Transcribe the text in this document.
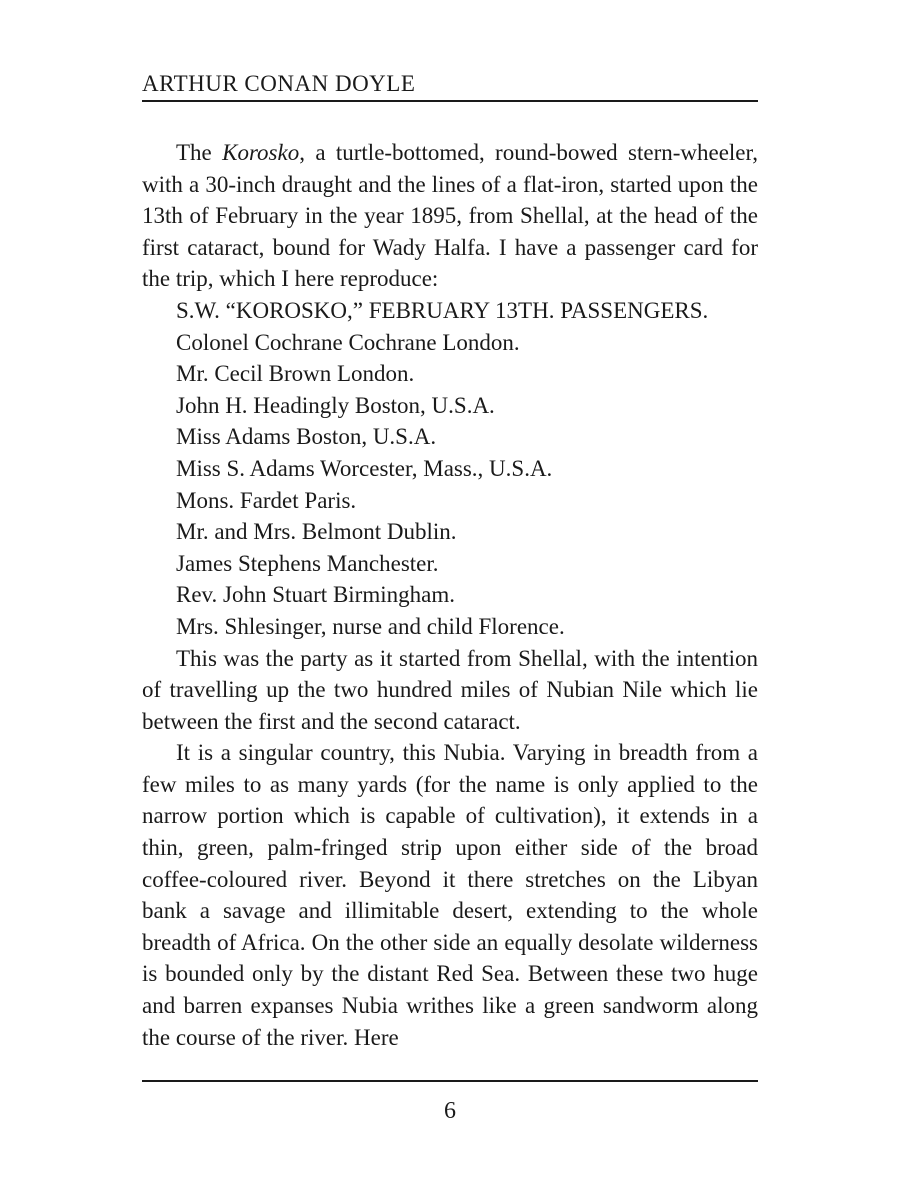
ARTHUR CONAN DOYLE

The Korosko, a turtle-bottomed, round-bowed stern-wheeler, with a 30-inch draught and the lines of a flat-iron, started upon the 13th of February in the year 1895, from Shellal, at the head of the first cataract, bound for Wady Halfa. I have a passenger card for the trip, which I here reproduce:

S.W. “KOROSKO,” FEBRUARY 13TH. PASSENGERS.

Colonel Cochrane Cochrane London.

Mr. Cecil Brown London.

John H. Headingly Boston, U.S.A.

Miss Adams Boston, U.S.A.

Miss S. Adams Worcester, Mass., U.S.A.

Mons. Fardet Paris.

Mr. and Mrs. Belmont Dublin.

James Stephens Manchester.

Rev. John Stuart Birmingham.

Mrs. Shlesinger, nurse and child Florence.

This was the party as it started from Shellal, with the intention of travelling up the two hundred miles of Nubian Nile which lie between the first and the second cataract.

It is a singular country, this Nubia. Varying in breadth from a few miles to as many yards (for the name is only applied to the narrow portion which is capable of cultivation), it extends in a thin, green, palm-fringed strip upon either side of the broad coffee-coloured river. Beyond it there stretches on the Libyan bank a savage and illimitable desert, extending to the whole breadth of Africa. On the other side an equally desolate wilderness is bounded only by the distant Red Sea. Between these two huge and barren expanses Nubia writhes like a green sandworm along the course of the river. Here

6
